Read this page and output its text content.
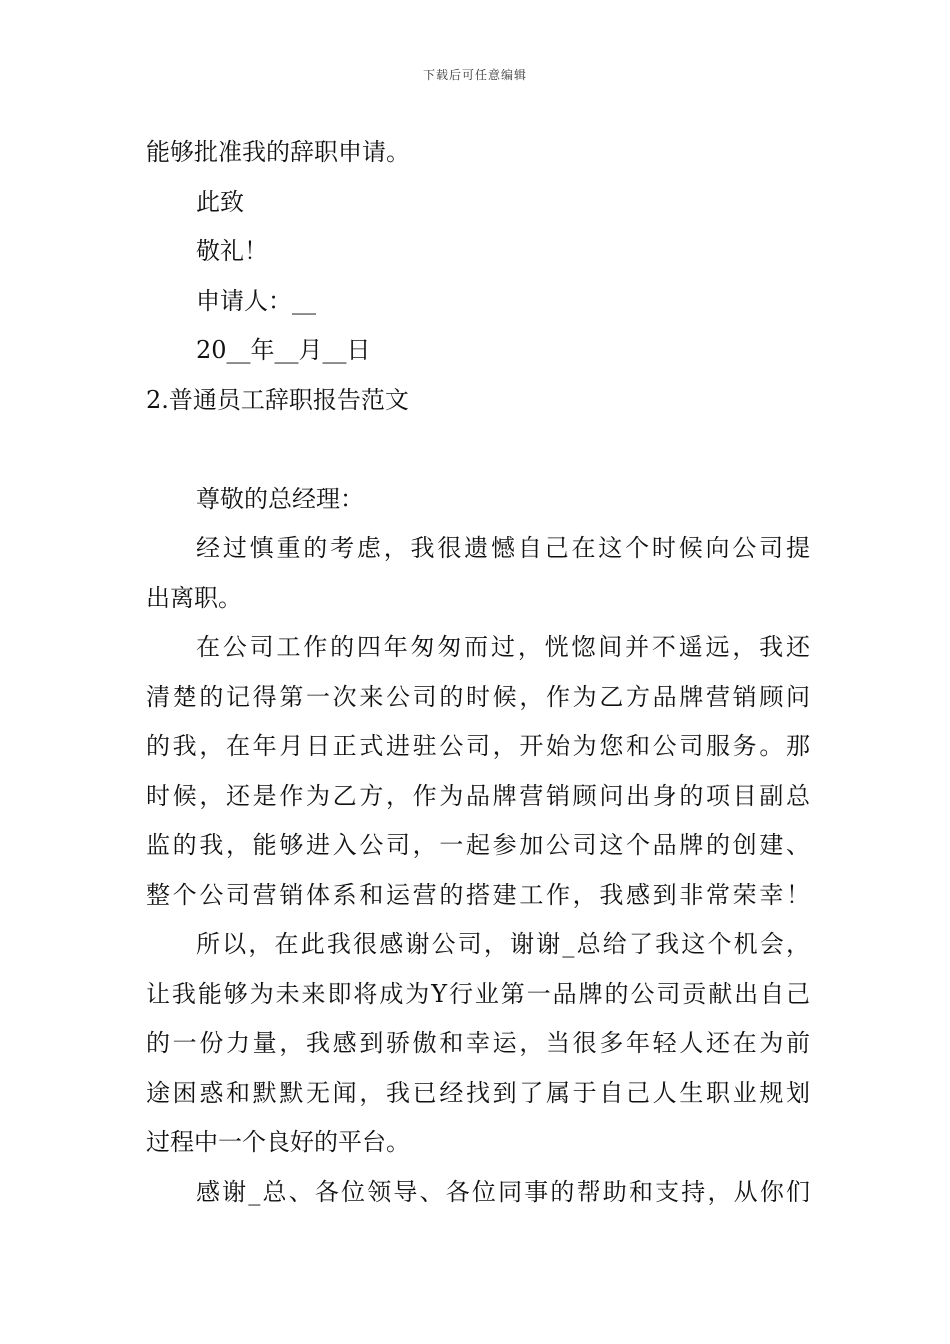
下载后可任意编辑

能够批准我的辞职申请。

此致

敬礼！

申请人：__

20__年__月__日

2.普通员工辞职报告范文

尊敬的总经理：

经过慎重的考虑，我很遗憾自己在这个时候向公司提

出离职。

在公司工作的四年匆匆而过，恍惚间并不遥远，我还

清楚的记得第一次来公司的时候，作为乙方品牌营销顾问

的我，在年月日正式进驻公司，开始为您和公司服务。那

时候，还是作为乙方，作为品牌营销顾问出身的项目副总

监的我，能够进入公司，一起参加公司这个品牌的创建、

整个公司营销体系和运营的搭建工作，我感到非常荣幸！

所以，在此我很感谢公司，谢谢_总给了我这个机会，

让我能够为未来即将成为Y行业第一品牌的公司贡献出自己

的一份力量，我感到骄傲和幸运，当很多年轻人还在为前

途困惑和默默无闻，我已经找到了属于自己人生职业规划

过程中一个良好的平台。

感谢_总、各位领导、各位同事的帮助和支持，从你们
